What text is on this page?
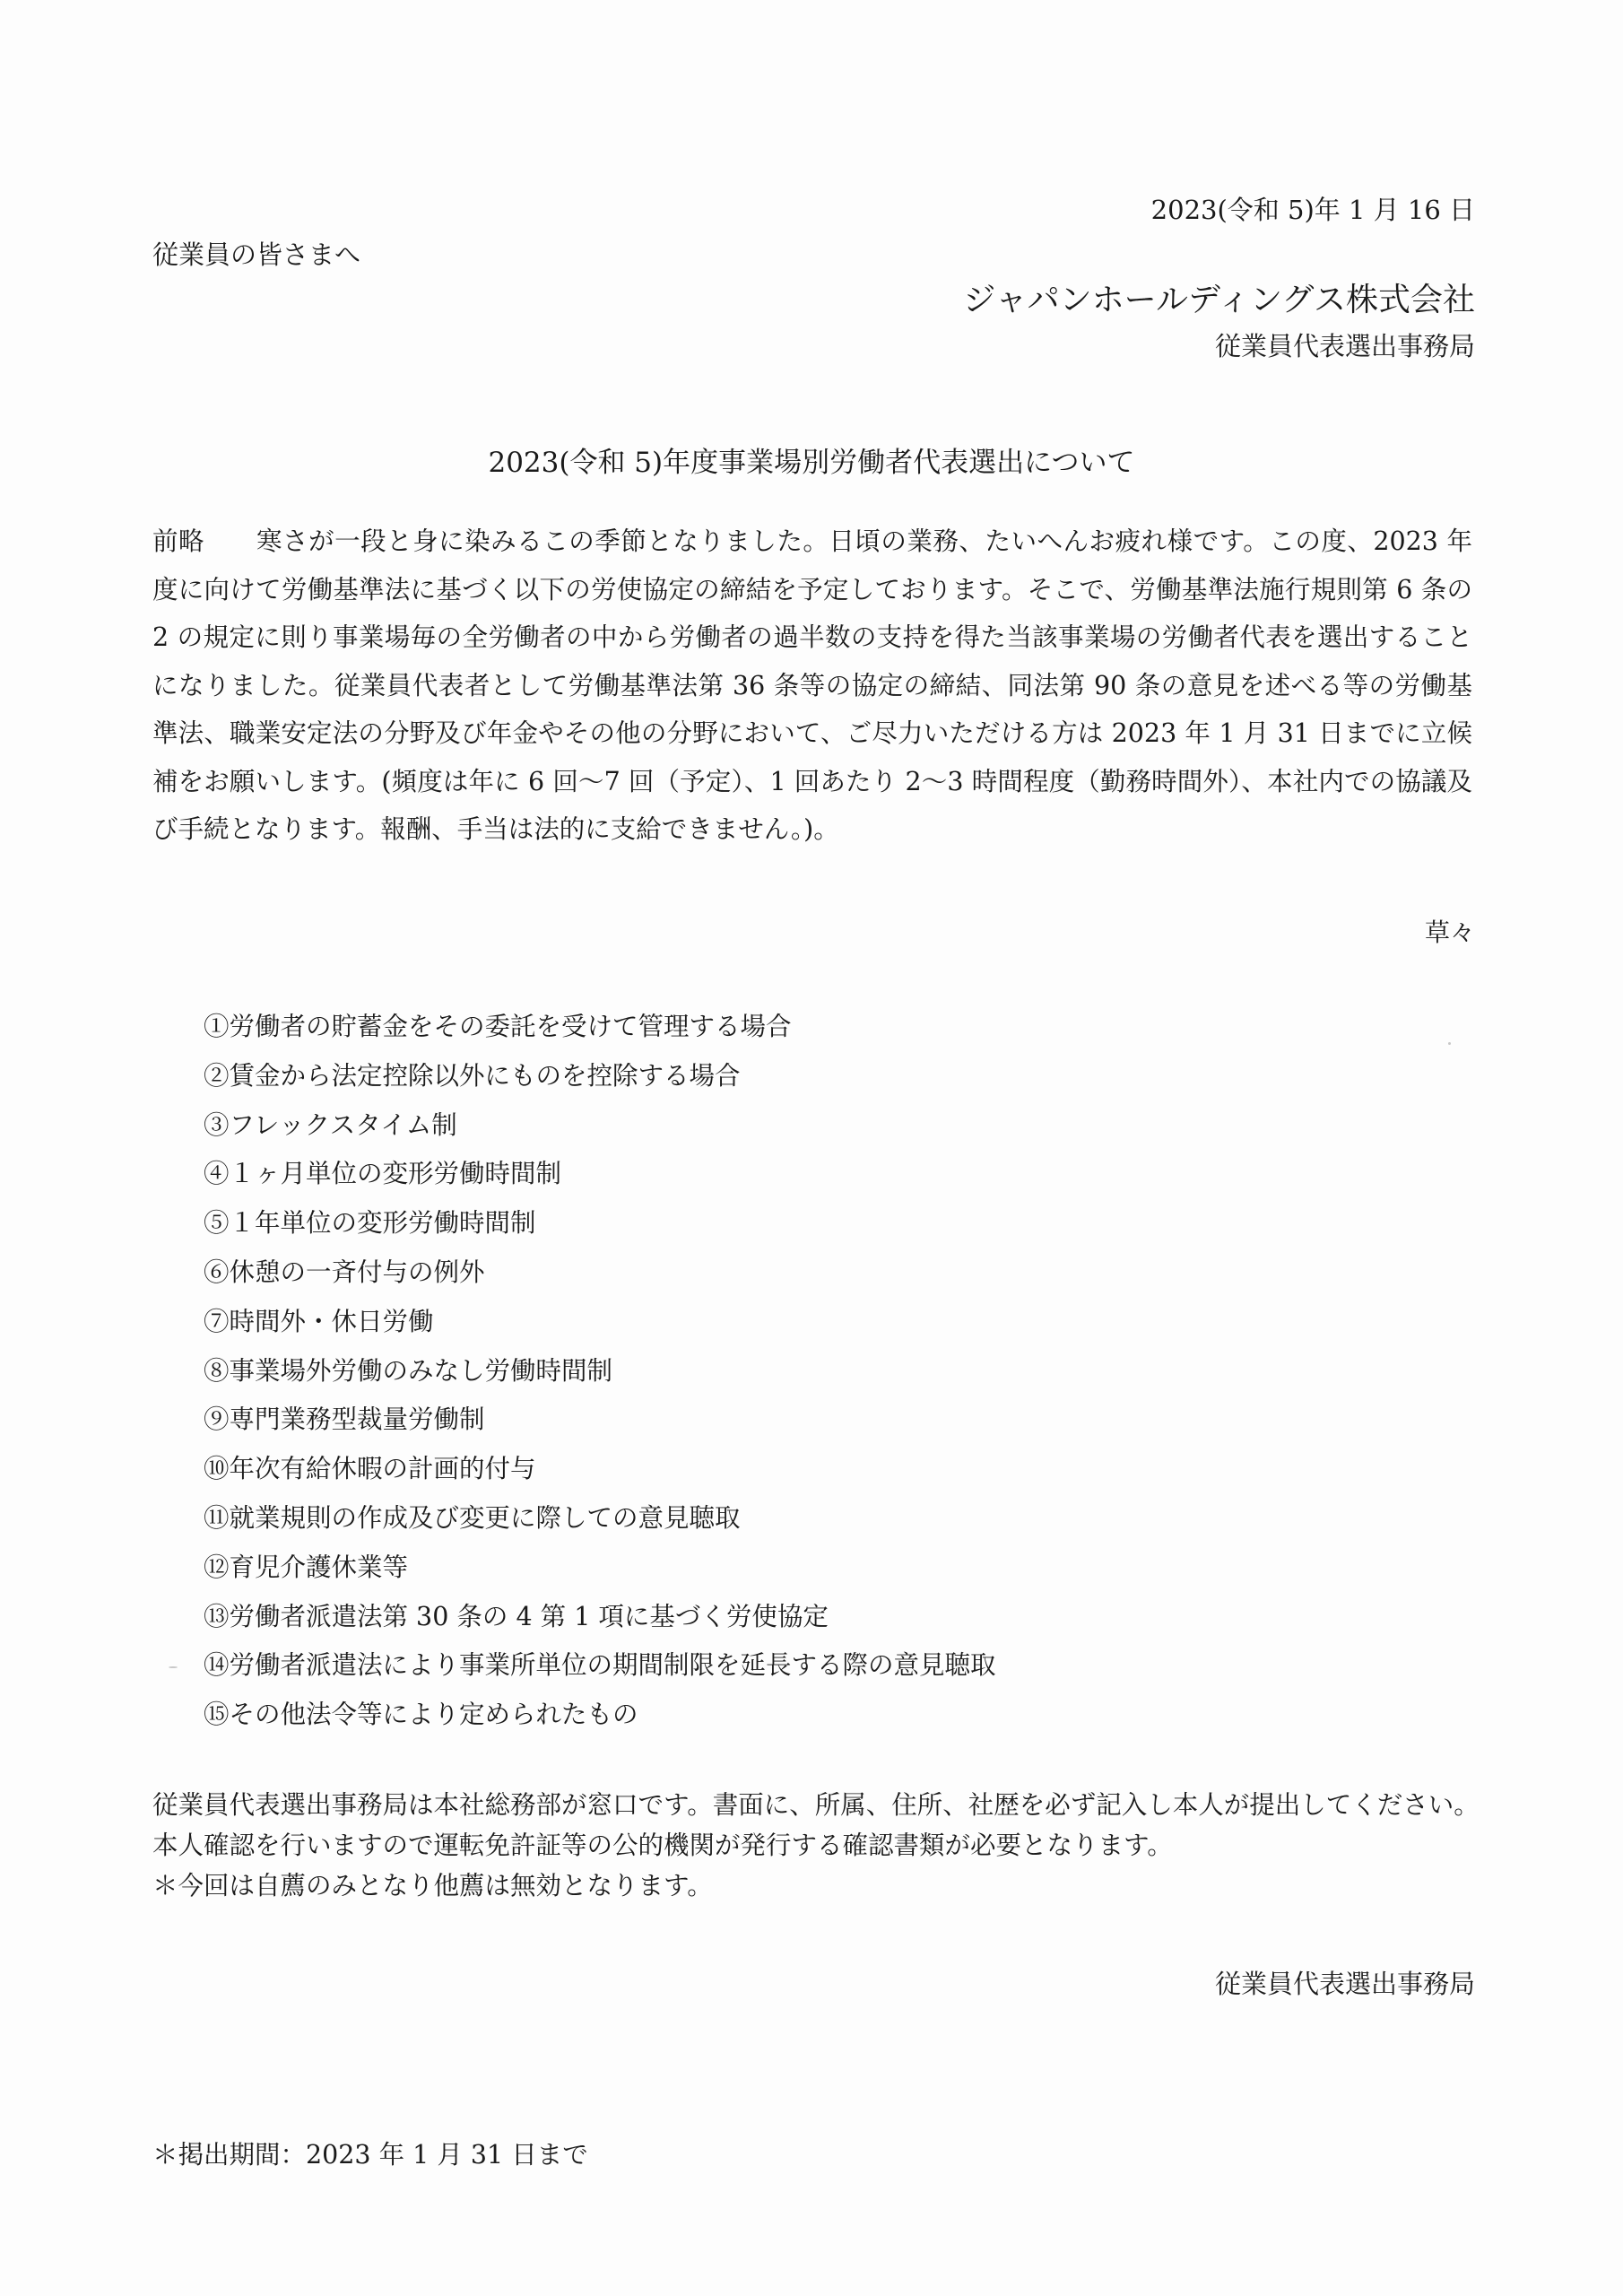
2023(令和 5)年 1 月 16 日
従業員の皆さまへ
ジャパンホールディングス株式会社
従業員代表選出事務局
2023(令和 5)年度事業場別労働者代表選出について

前略　　寒さが一段と身に染みるこの季節となりました。日頃の業務、たいへんお疲れ様です。この度、2023 年度に向けて労働基準法に基づく以下の労使協定の締結を予定しております。そこで、労働基準法施行規則第 6 条の 2 の規定に則り事業場毎の全労働者の中から労働者の過半数の支持を得た当該事業場の労働者代表を選出することになりました。従業員代表者として労働基準法第 36 条等の協定の締結、同法第 90 条の意見を述べる等の労働基準法、職業安定法の分野及び年金やその他の分野において、ご尽力いただける方は 2023 年 1 月 31 日までに立候補をお願いします。(頻度は年に 6 回〜7 回（予定）、1 回あたり 2〜3 時間程度（勤務時間外）、本社内での協議及び手続となります。報酬、手当は法的に支給できません。)。

草々
①労働者の貯蓄金をその委託を受けて管理する場合
②賃金から法定控除以外にものを控除する場合
③フレックスタイム制
④１ヶ月単位の変形労働時間制
⑤１年単位の変形労働時間制
⑥休憩の一斉付与の例外
⑦時間外・休日労働
⑧事業場外労働のみなし労働時間制
⑨専門業務型裁量労働制
⑩年次有給休暇の計画的付与
⑪就業規則の作成及び変更に際しての意見聴取
⑫育児介護休業等
⑬労働者派遣法第 30 条の 4 第 1 項に基づく労使協定
⑭労働者派遣法により事業所単位の期間制限を延長する際の意見聴取
⑮その他法令等により定められたもの

従業員代表選出事務局は本社総務部が窓口です。書面に、所属、住所、社歴を必ず記入し本人が提出してください。　本人確認を行いますので運転免許証等の公的機関が発行する確認書類が必要となります。

＊今回は自薦のみとなり他薦は無効となります。

従業員代表選出事務局
＊掲出期間：2023 年 1 月 31 日まで
